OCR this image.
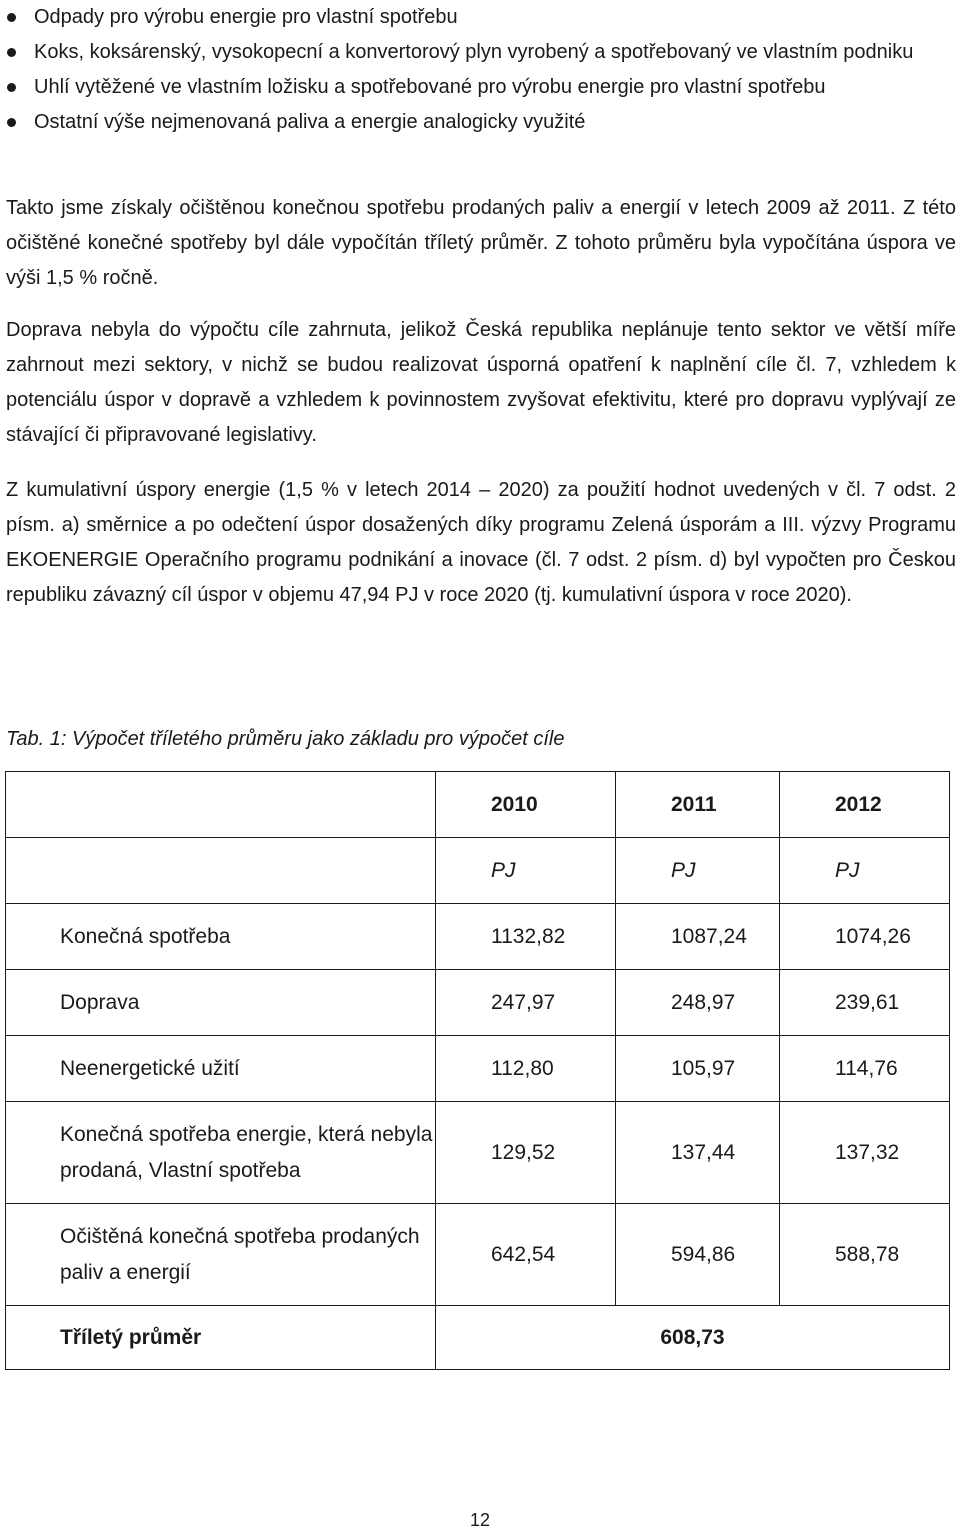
Odpady pro výrobu energie pro vlastní spotřebu
Koks, koksárenský, vysokopecní a konvertorový plyn vyrobený a spotřebovaný ve vlastním podniku
Uhlí vytěžené ve vlastním ložisku a spotřebované pro výrobu energie pro vlastní spotřebu
Ostatní výše nejmenovaná paliva a energie analogicky využité

Takto jsme získaly očištěnou konečnou spotřebu prodaných paliv a energií v letech 2009 až 2011. Z této očištěné konečné spotřeby byl dále vypočítán tříletý průměr. Z tohoto průměru byla vypočítána úspora ve výši 1,5 % ročně.

Doprava nebyla do výpočtu cíle zahrnuta, jelikož Česká republika neplánuje tento sektor ve větší míře zahrnout mezi sektory, v nichž se budou realizovat úsporná opatření k naplnění cíle čl. 7, vzhledem k potenciálu úspor v dopravě a vzhledem k povinnostem zvyšovat efektivitu, které pro dopravu vyplývají ze stávající či připravované legislativy.

Z kumulativní úspory energie (1,5 % v letech 2014 – 2020) za použití hodnot uvedených v čl. 7 odst. 2 písm. a) směrnice a po odečtení úspor dosažených díky programu Zelená úsporám a III. výzvy Programu EKOENERGIE Operačního programu podnikání a inovace (čl. 7 odst. 2 písm. d) byl vypočten pro Českou republiku závazný cíl úspor v objemu 47,94 PJ v roce 2020 (tj. kumulativní úspora v roce 2020).

Tab. 1: Výpočet tříletého průměru jako základu pro výpočet cíle

	2010	2011	2012
	PJ	PJ	PJ
Konečná spotřeba	1132,82	1087,24	1074,26
Doprava	247,97	248,97	239,61
Neenergetické užití	112,80	105,97	114,76
Konečná spotřeba energie, která nebyla prodaná, Vlastní spotřeba	129,52	137,44	137,32
Očištěná konečná spotřeba prodaných paliv a energií	642,54	594,86	588,78
Tříletý průměr	608,73		
12
